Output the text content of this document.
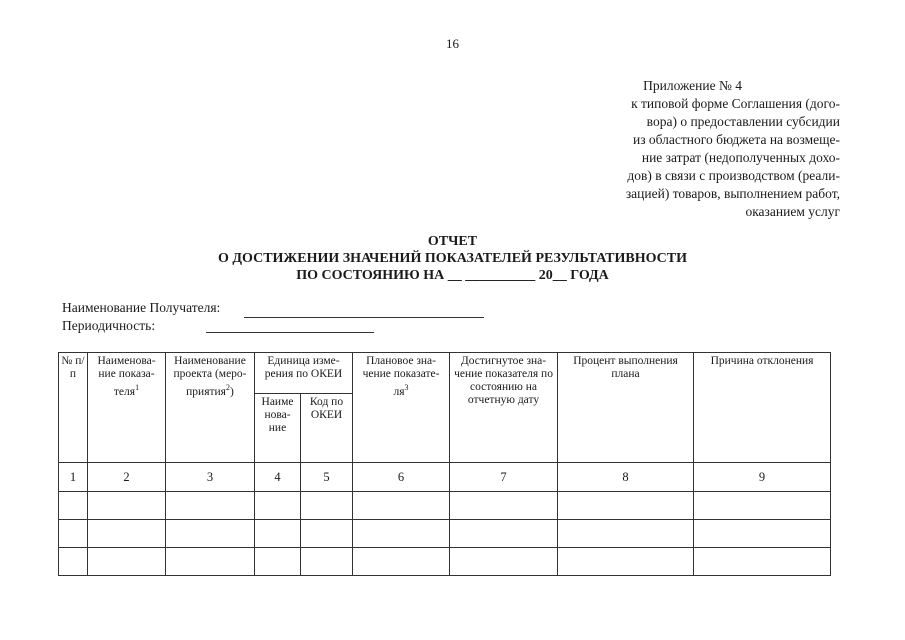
16
Приложение № 4
к типовой форме Соглашения (дого-
вора) о предоставлении субсидии
из областного бюджета на возмеще-
ние затрат (недополученных дохо-
дов) в связи с производством (реали-
зацией) товаров, выполнением работ,
оказанием услуг
ОТЧЕТ
О ДОСТИЖЕНИИ ЗНАЧЕНИЙ ПОКАЗАТЕЛЕЙ РЕЗУЛЬТАТИВНОСТИ
ПО СОСТОЯНИЮ НА __ __________ 20__ ГОДА
Наименование Получателя:
Периодичность:
№ п/п	Наименова- ние показа- теля$^1$	Наименование проекта (меро- приятия$^2$)	Единица изме- рения по ОКЕИ		Плановое зна- чение показате- $ля^3$	Достигнутое зна- чение показателя по состоянию на отчетную дату	Процент выполнения плана	Причина отклонения
			Наиме нова- ние	Код по ОКЕИ				
1	2	3	4	5	6	7	8	9
